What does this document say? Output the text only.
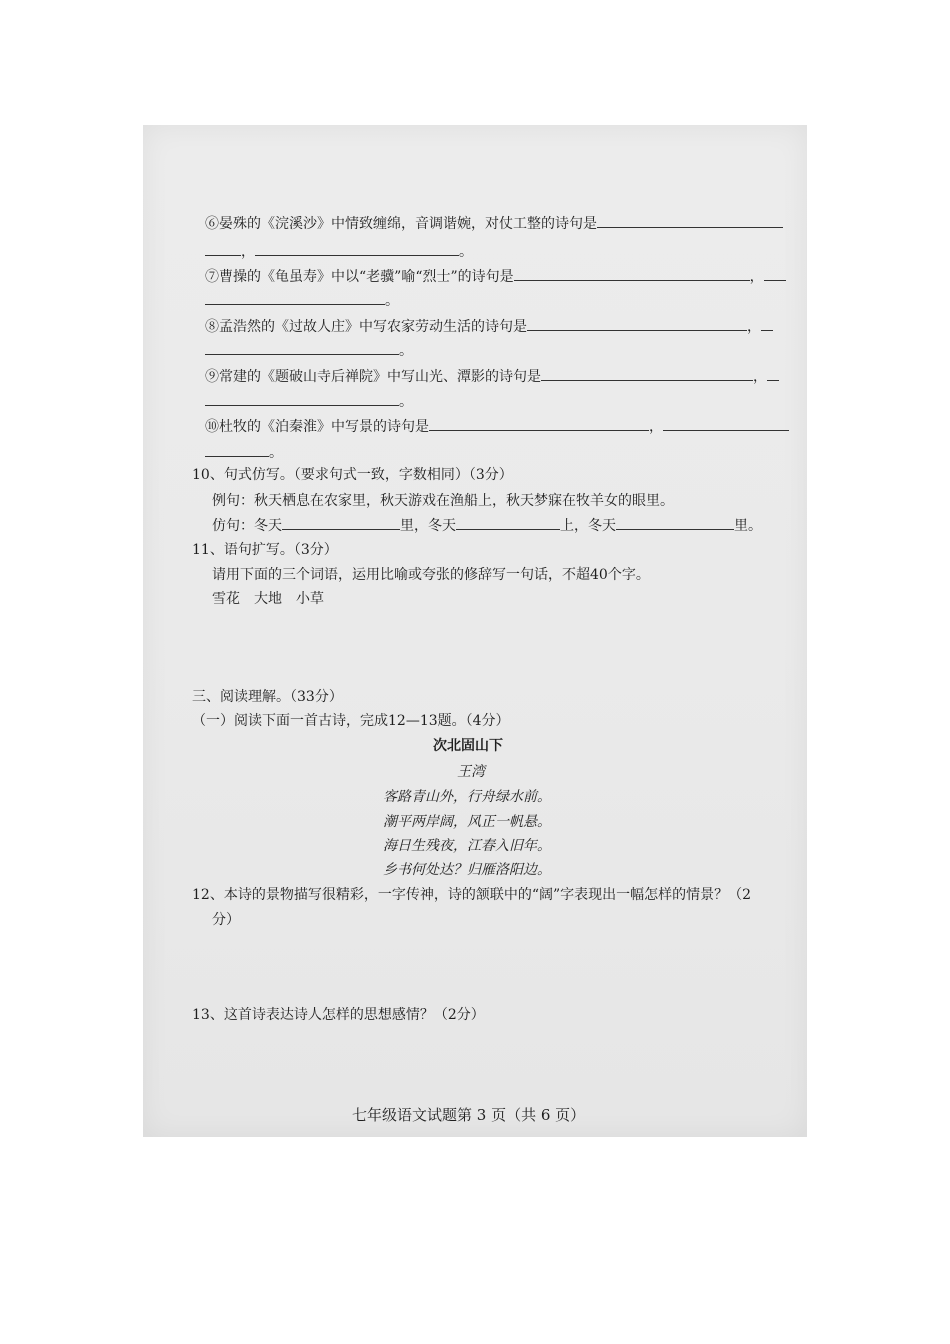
⑥晏殊的《浣溪沙》中情致缠绵，音调谐婉，对仗工整的诗句是
，	。
⑦曹操的《龟虽寿》中以“老骥”喻“烈士”的诗句是	，
。
⑧孟浩然的《过故人庄》中写农家劳动生活的诗句是	，
。
⑨常建的《题破山寺后禅院》中写山光、潭影的诗句是	，
。
⑩杜牧的《泊秦淮》中写景的诗句是	，
。
10、句式仿写。（要求句式一致，字数相同）（3分）
例句：秋天栖息在农家里，秋天游戏在渔船上，秋天梦寐在牧羊女的眼里。
仿句：冬天	里，冬天	上，冬天	里。
11、语句扩写。（3分）
请用下面的三个词语，运用比喻或夸张的修辞写一句话，不超40个字。
雪花　大地　小草
三、阅读理解。（33分）
（一）阅读下面一首古诗，完成12—13题。（4分）
次北固山下
王湾
客路青山外，行舟绿水前。
潮平两岸阔，风正一帆悬。
海日生残夜，江春入旧年。
乡书何处达？归雁洛阳边。
12、本诗的景物描写很精彩，一字传神，诗的颔联中的“阔”字表现出一幅怎样的情景？（2
分）
13、这首诗表达诗人怎样的思想感情？（2分）
七年级语文试题第 3 页（共 6 页）
